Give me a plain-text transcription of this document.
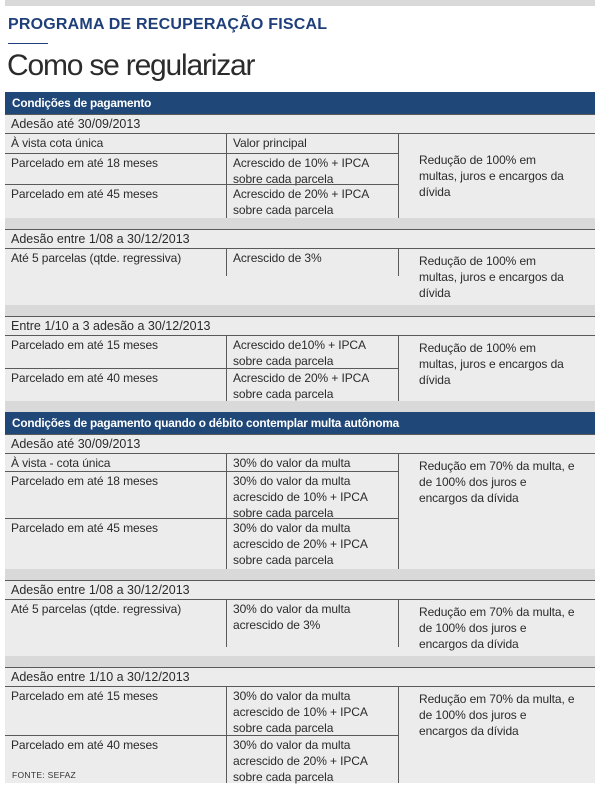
PROGRAMA DE RECUPERAÇÃO FISCAL
Como se regularizar
Condições de pagamento
Adesão até 30/09/2013
À vista cota única	Valor principal
Parcelado em até 18 meses	Acrescido de 10% + IPCA sobre cada parcela
Parcelado em até 45 meses	Acrescido de 20% + IPCA sobre cada parcela
Redução de 100% em multas, juros e encargos da dívida
Adesão entre 1/08 a 30/12/2013
Até 5 parcelas (qtde. regressiva)	Acrescido de 3%	Redução de 100% em multas, juros e encargos da dívida
Entre 1/10 a 3 adesão a 30/12/2013
Parcelado em até 15 meses	Acrescido de10% + IPCA sobre cada parcela
Parcelado em até 40 meses	Acrescido de 20% + IPCA sobre cada parcela
Redução de 100% em multas, juros e encargos da dívida
Condições de pagamento quando o débito contemplar multa autônoma
Adesão até 30/09/2013
À vista - cota única	30% do valor da multa
Parcelado em até 18 meses	30% do valor da multa acrescido de 10% + IPCA sobre cada parcela
Parcelado em até 45 meses	30% do valor da multa acrescido de 20% + IPCA sobre cada parcela
Redução em 70% da multa, e de 100% dos juros e encargos da dívida
Adesão entre 1/08 a 30/12/2013
Até 5 parcelas (qtde. regressiva)	30% do valor da multa acrescido de 3%
Redução em 70% da multa, e de 100% dos juros e encargos da dívida
Adesão entre 1/10 a 30/12/2013
Parcelado em até 15 meses	30% do valor da multa acrescido de 10% + IPCA sobre cada parcela
Parcelado em até 40 meses	30% do valor da multa acrescido de 20% + IPCA sobre cada parcela
Redução em 70% da multa, e de 100% dos juros e encargos da dívida
FONTE: SEFAZ
